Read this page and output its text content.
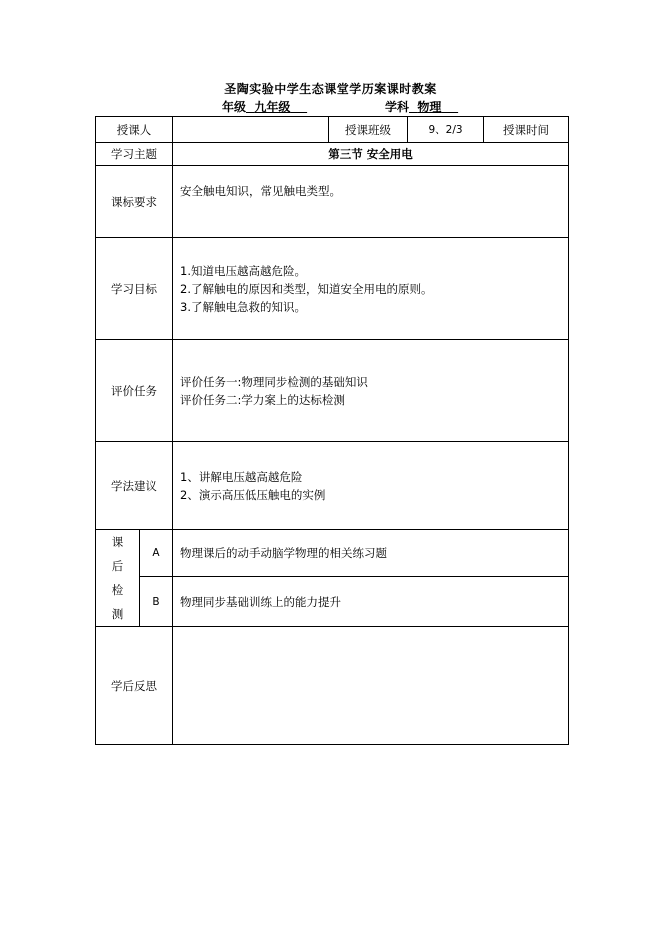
圣陶实验中学生态课堂学历案课时教案
年级 九年级	学科 物理
授课人			授课班级	9、2/3	授课时间	
学习主题		第三节 安全用电				
课标要求		安全触电知识，常见触电类型。				
学习目标		1.知道电压越高越危险。
2.了解触电的原因和类型，知道安全用电的原则。
3.了解触电急救的知识。				

评价任务		评价任务一:物理同步检测的基础知识
评价任务二:学力案上的达标检测				

学法建议		1、讲解电压越高越危险
2、演示高压低压触电的实例				

课
后
检
测	A	物理课后的动手动脑学物理的相关练习题				
	B	物理同步基础训练上的能力提升				
学后反思						
